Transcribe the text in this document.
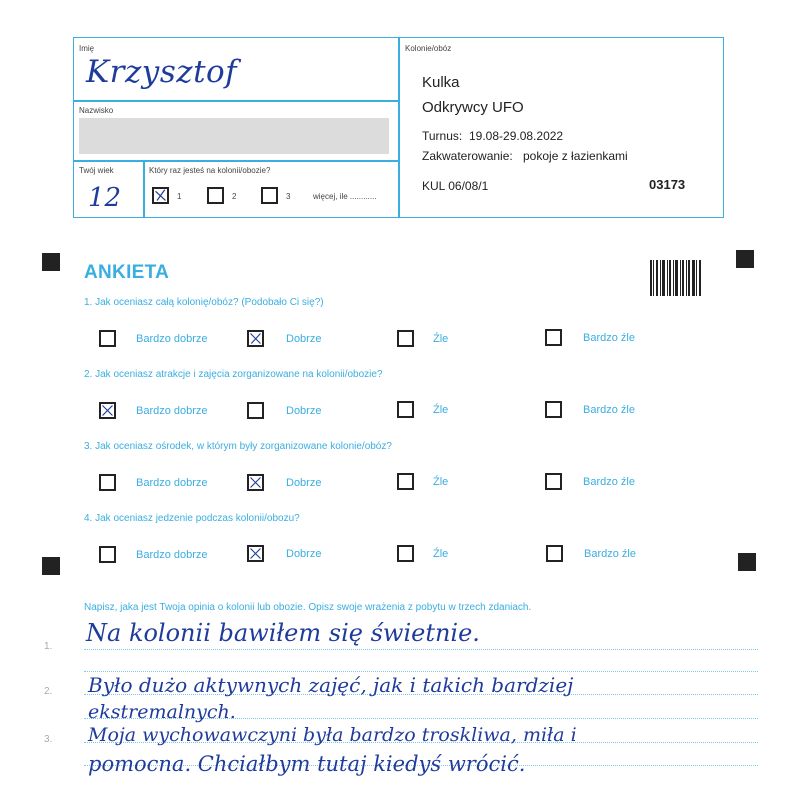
Imię
Krzysztof
Nazwisko
Twój wiek
12
Który raz jesteś na kolonii/obozie?
1	2	3	więcej, ile ............
Kolonie/obóz
Kulka
Odkrywcy UFO
Turnus: 19.08-29.08.2022
Zakwaterowanie: pokoje z łazienkami
KUL 06/08/1	03173
ANKIETA
1. Jak oceniasz całą kolonię/obóz? (Podobało Ci się?)
Bardzo dobrze	Dobrze	Źle	Bardzo źle
2. Jak oceniasz atrakcje i zajęcia zorganizowane na kolonii/obozie?
Bardzo dobrze	Dobrze	Źle	Bardzo źle
3. Jak oceniasz ośrodek, w którym były zorganizowane kolonie/obóz?
Bardzo dobrze	Dobrze	Źle	Bardzo źle
4. Jak oceniasz jedzenie podczas kolonii/obozu?
Bardzo dobrze	Dobrze	Źle	Bardzo źle
Napisz, jaka jest Twoja opinia o kolonii lub obozie. Opisz swoje wrażenia z pobytu w trzech zdaniach.
1.
2.
3.
Na kolonii bawiłem się świetnie.
Było dużo aktywnych zajęć, jak i takich bardziej
ekstremalnych.
Moja wychowawczyni była bardzo troskliwa, miła i
pomocna. Chciałbym tutaj kiedyś wrócić.
